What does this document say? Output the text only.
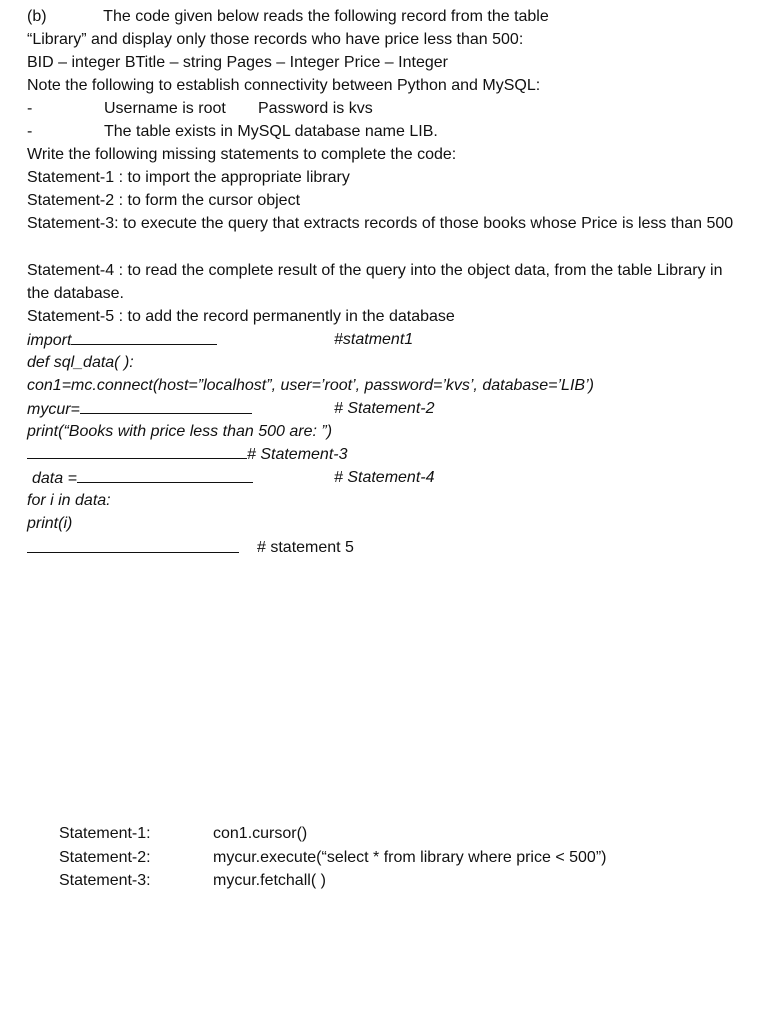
(b)	The code given below reads the following record from the table
“Library” and display only those records who have price less than 500:
BID – integer BTitle – string Pages – Integer Price – Integer
Note the following to establish connectivity between Python and MySQL:
-	Username is root Password is kvs
-	The table exists in MySQL database name LIB.
Write the following missing statements to complete the code:
Statement-1 : to import the appropriate library
Statement-2 : to form the cursor object
Statement-3: to execute the query that extracts records of those books whose Price is less than 500
Statement-4 : to read the complete result of the query into the object data, from the table Library in the database.
Statement-5 : to add the record permanently in the database
import	#statment1
def sql_data( ):
con1=mc.connect(host=”localhost”, user=’root’, password=’kvs’, database=’LIB’)
mycur=	# Statement-2
print(“Books with price less than 500 are: ”)
# Statement-3
data =	# Statement-4
for i in data:
print(i)
# statement 5
Statement-1:	con1.cursor()
Statement-2:	mycur.execute(“select * from library where price < 500”)
Statement-3:	mycur.fetchall( )
